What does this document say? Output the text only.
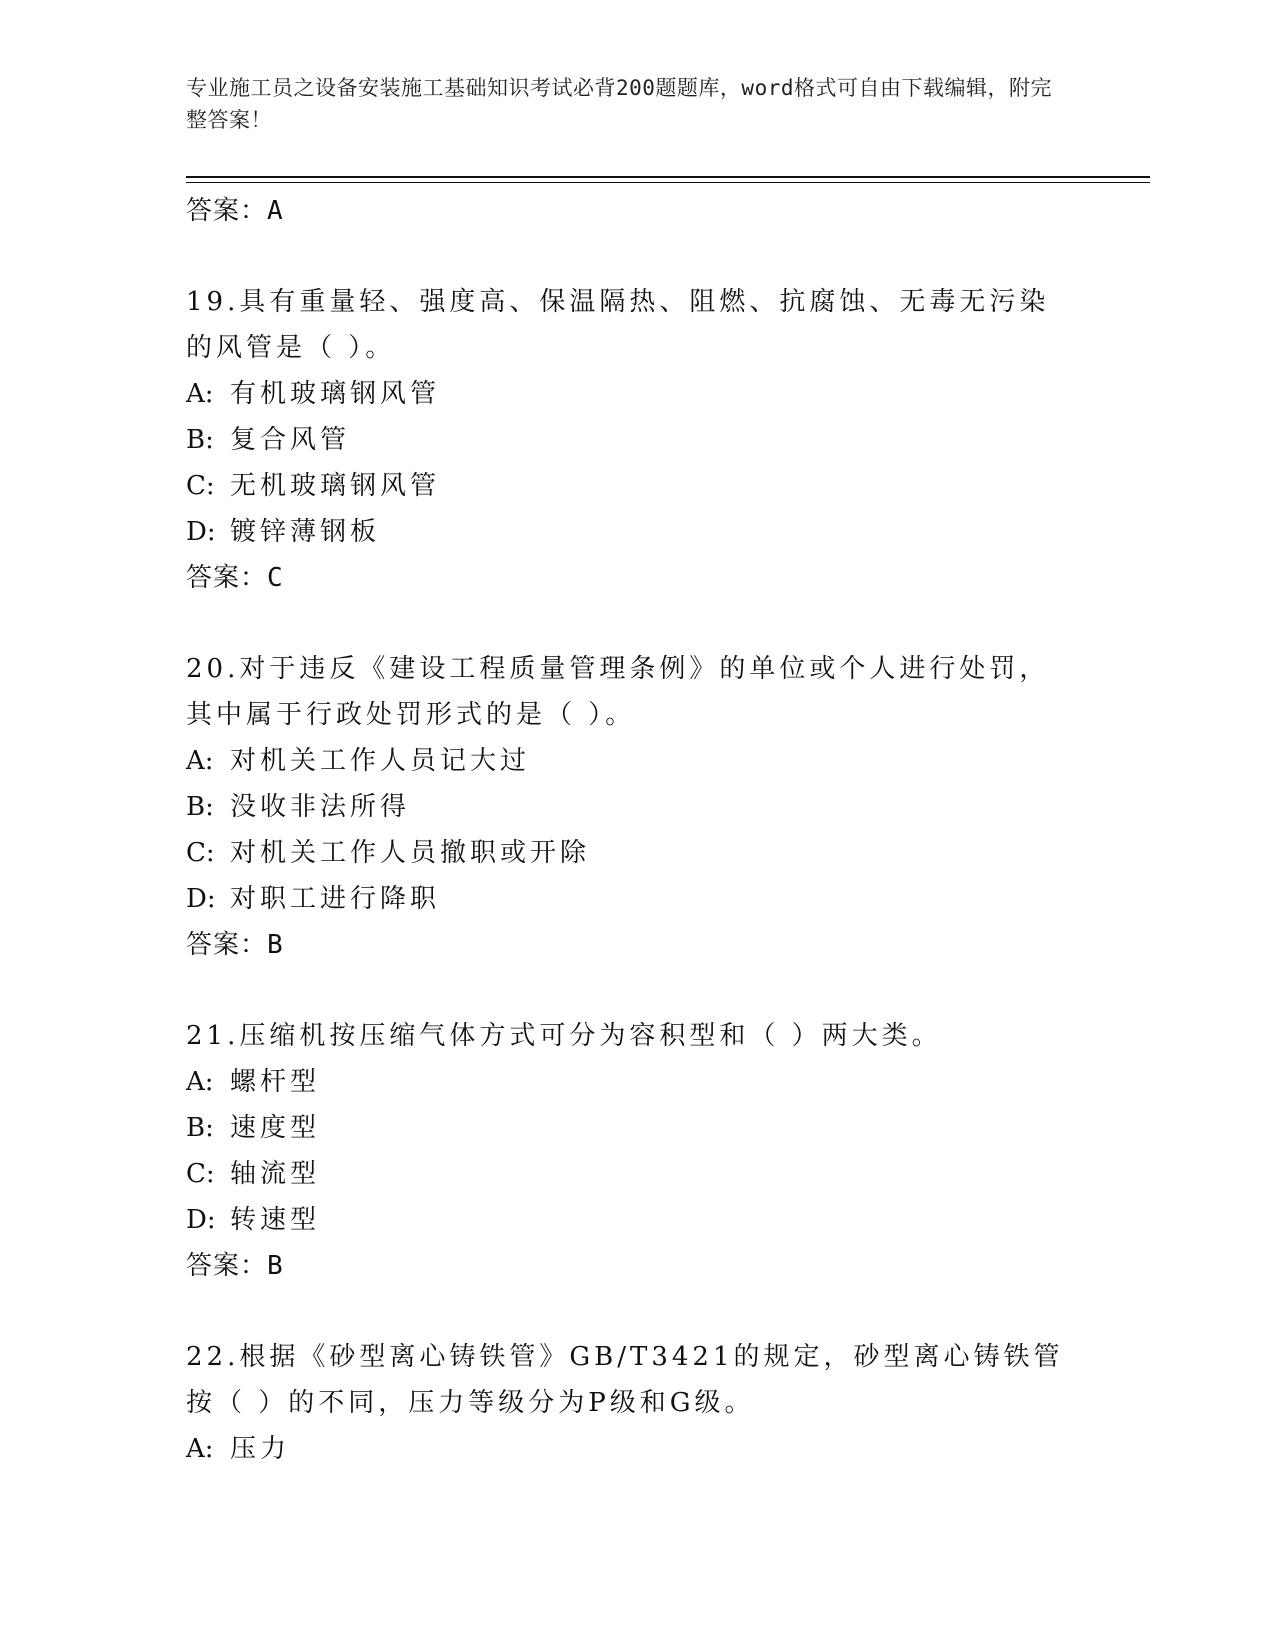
专业施工员之设备安装施工基础知识考试必背200题题库，word格式可自由下载编辑，附完整答案！
答案：A
19.具有重量轻、强度高、保温隔热、阻燃、抗腐蚀、无毒无污染的风管是（ ）。
A: 有机玻璃钢风管
B: 复合风管
C: 无机玻璃钢风管
D: 镀锌薄钢板
答案：C
20.对于违反《建设工程质量管理条例》的单位或个人进行处罚，其中属于行政处罚形式的是（ ）。
A: 对机关工作人员记大过
B: 没收非法所得
C: 对机关工作人员撤职或开除
D: 对职工进行降职
答案：B
21.压缩机按压缩气体方式可分为容积型和（ ）两大类。
A: 螺杆型
B: 速度型
C: 轴流型
D: 转速型
答案：B
22.根据《砂型离心铸铁管》GB/T3421的规定，砂型离心铸铁管按（ ）的不同，压力等级分为P级和G级。
A: 压力
